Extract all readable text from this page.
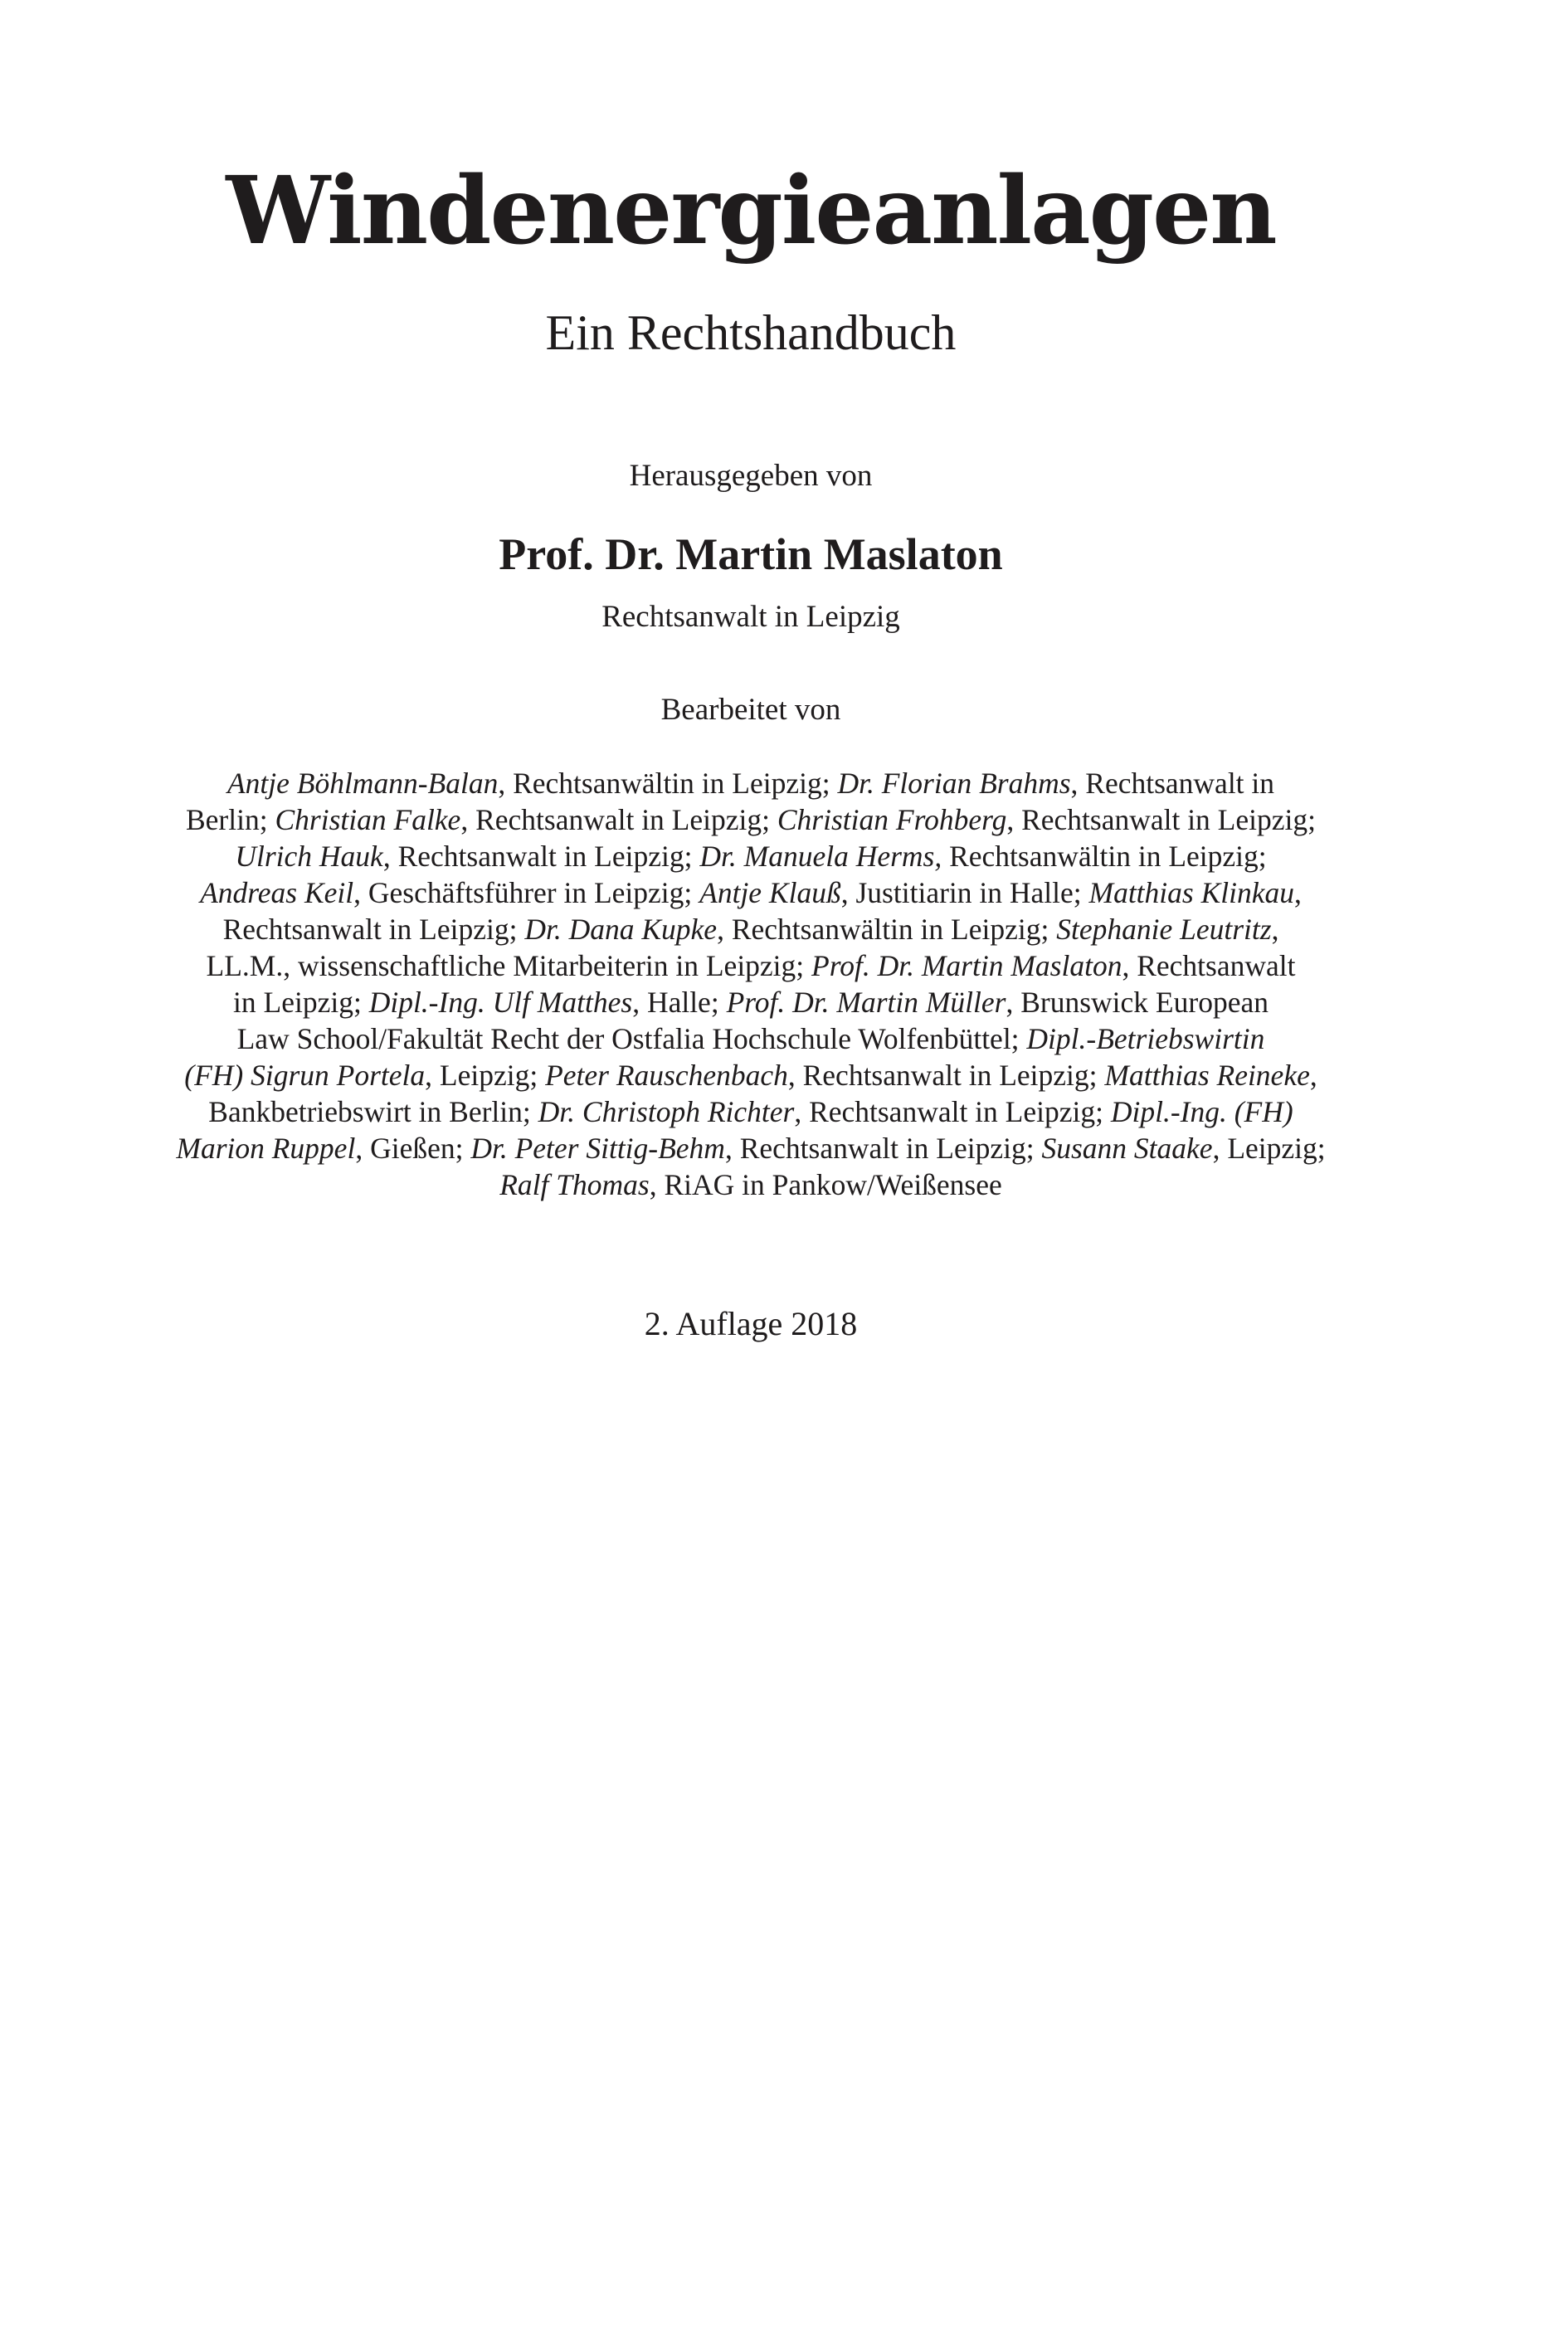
Windenergieanlagen
Ein Rechtshandbuch
Herausgegeben von
Prof. Dr. Martin Maslaton
Rechtsanwalt in Leipzig
Bearbeitet von
Antje Böhlmann-Balan, Rechtsanwältin in Leipzig; Dr. Florian Brahms, Rechtsanwalt in
Berlin; Christian Falke, Rechtsanwalt in Leipzig; Christian Frohberg, Rechtsanwalt in Leipzig;
Ulrich Hauk, Rechtsanwalt in Leipzig; Dr. Manuela Herms, Rechtsanwältin in Leipzig;
Andreas Keil, Geschäftsführer in Leipzig; Antje Klauß, Justitiarin in Halle; Matthias Klinkau,
Rechtsanwalt in Leipzig; Dr. Dana Kupke, Rechtsanwältin in Leipzig; Stephanie Leutritz,
LL.M., wissenschaftliche Mitarbeiterin in Leipzig; Prof. Dr. Martin Maslaton, Rechtsanwalt
in Leipzig; Dipl.-Ing. Ulf Matthes, Halle; Prof. Dr. Martin Müller, Brunswick European
Law School/Fakultät Recht der Ostfalia Hochschule Wolfenbüttel; Dipl.-Betriebswirtin
(FH) Sigrun Portela, Leipzig; Peter Rauschenbach, Rechtsanwalt in Leipzig; Matthias Reineke,
Bankbetriebswirt in Berlin; Dr. Christoph Richter, Rechtsanwalt in Leipzig; Dipl.-Ing. (FH)
Marion Ruppel, Gießen; Dr. Peter Sittig-Behm, Rechtsanwalt in Leipzig; Susann Staake, Leipzig;
Ralf Thomas, RiAG in Pankow/Weißensee
2. Auflage 2018
